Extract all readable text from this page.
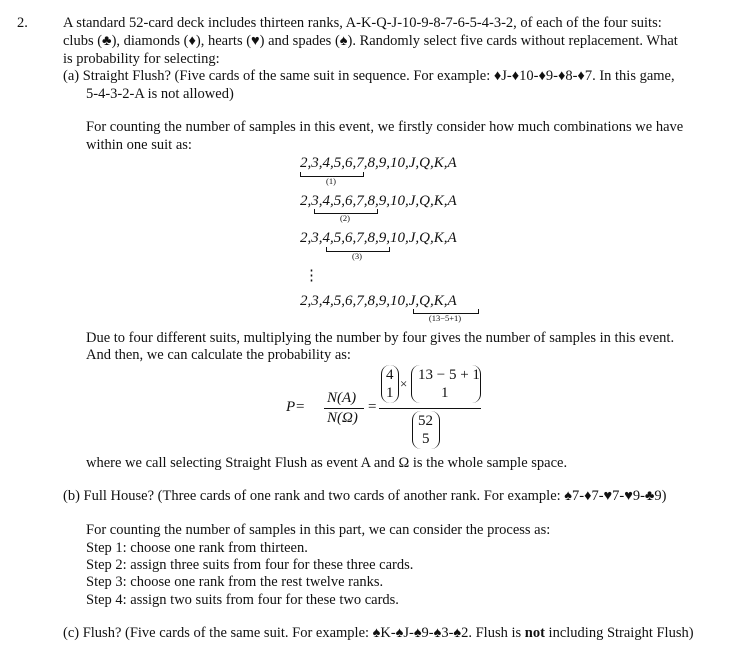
2. A standard 52-card deck includes thirteen ranks, A-K-Q-J-10-9-8-7-6-5-4-3-2, of each of the four suits:
clubs (♣), diamonds (♦), hearts (♥) and spades (♠). Randomly select five cards without replacement. What
is probability for selecting:
(a) Straight Flush? (Five cards of the same suit in sequence. For example: ♦J-♦10-♦9-♦8-♦7. In this game,
5-4-3-2-A is not allowed)
For counting the number of samples in this event, we firstly consider how much combinations we have
within one suit as:
2,3,4,5,6,7,8,9,10,J,Q,K,A
(1)
2,3,4,5,6,7,8,9,10,J,Q,K,A
(2)
2,3,4,5,6,7,8,9,10,J,Q,K,A
(3)
⋮
2,3,4,5,6,7,8,9,10,J,Q,K,A
(13−5+1)
Due to four different suits, multiplying the number by four gives the number of samples in this event.
And then, we can calculate the probability as:
P =
N(A)
N(Ω)
=
4
1
×
13 − 5 + 1
1
52
5
where we call selecting Straight Flush as event A and Ω is the whole sample space.
(b) Full House? (Three cards of one rank and two cards of another rank. For example: ♠7-♦7-♥7-♥9-♣9)
For counting the number of samples in this part, we can consider the process as:
Step 1: choose one rank from thirteen.
Step 2: assign three suits from four for these three cards.
Step 3: choose one rank from the rest twelve ranks.
Step 4: assign two suits from four for these two cards.
(c) Flush? (Five cards of the same suit. For example: ♠K-♠J-♠9-♠3-♠2. Flush is not including Straight Flush)
